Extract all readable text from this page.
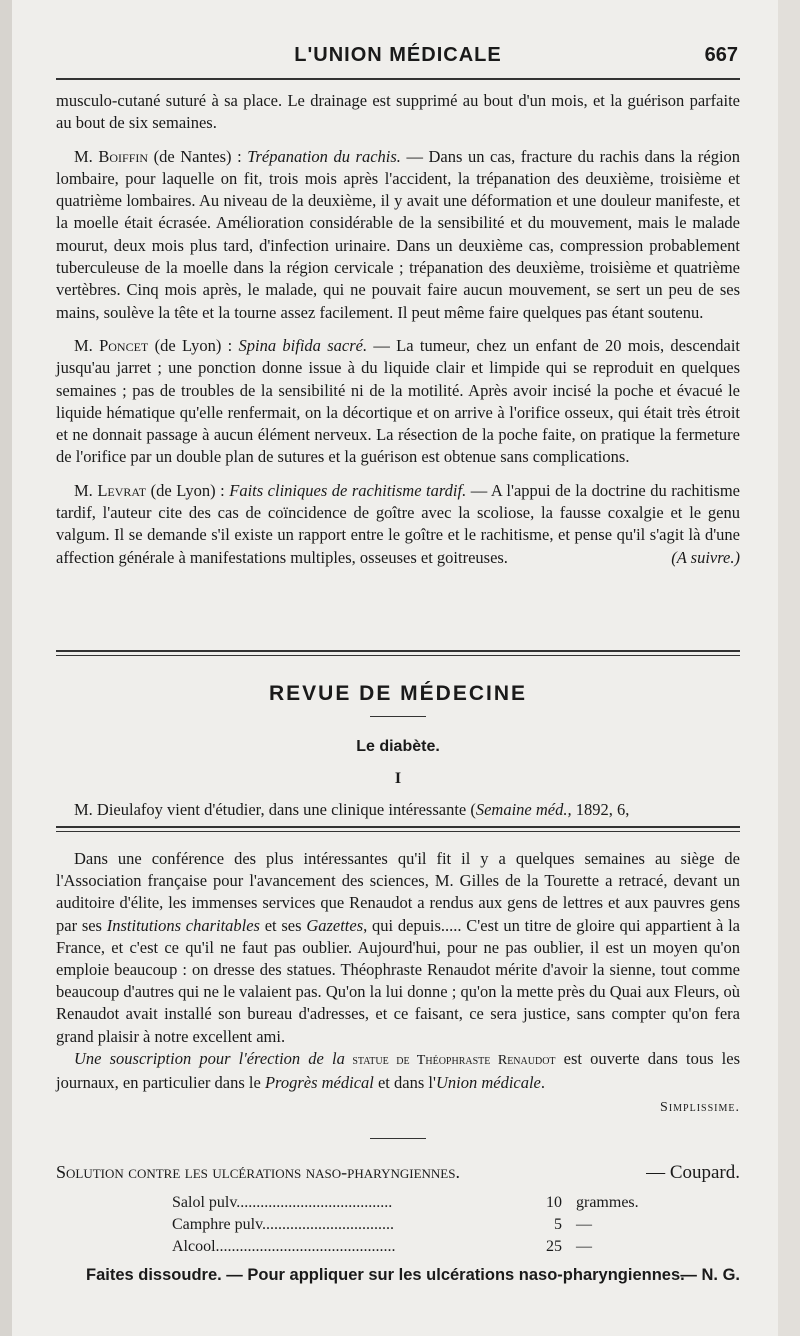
L'UNION MÉDICALE	667

musculo-cutané suturé à sa place. Le drainage est supprimé au bout d'un mois, et la guérison parfaite au bout de six semaines.

M. Boiffin (de Nantes) : Trépanation du rachis. — Dans un cas, fracture du rachis dans la région lombaire, pour laquelle on fit, trois mois après l'accident, la trépanation des deuxième, troisième et quatrième lombaires. Au niveau de la deuxième, il y avait une déformation et une douleur manifeste, et la moelle était écrasée. Amélioration considérable de la sensibilité et du mouvement, mais le malade mourut, deux mois plus tard, d'infection urinaire. Dans un deuxième cas, compression probablement tuberculeuse de la moelle dans la région cervicale ; trépanation des deuxième, troisième et quatrième vertèbres. Cinq mois après, le malade, qui ne pouvait faire aucun mouvement, se sert un peu de ses mains, soulève la tête et la tourne assez facilement. Il peut même faire quelques pas étant soutenu.

M. Poncet (de Lyon) : Spina bifida sacré. — La tumeur, chez un enfant de 20 mois, descendait jusqu'au jarret ; une ponction donne issue à du liquide clair et limpide qui se reproduit en quelques semaines ; pas de troubles de la sensibilité ni de la motilité. Après avoir incisé la poche et évacué le liquide hématique qu'elle renfermait, on la décortique et on arrive à l'orifice osseux, qui était très étroit et ne donnait passage à aucun élément nerveux. La résection de la poche faite, on pratique la fermeture de l'orifice par un double plan de sutures et la guérison est obtenue sans complications.

M. Levrat (de Lyon) : Faits cliniques de rachitisme tardif. — A l'appui de la doctrine du rachitisme tardif, l'auteur cite des cas de coïncidence de goître avec la scoliose, la fausse coxalgie et le genu valgum. Il se demande s'il existe un rapport entre le goître et le rachitisme, et pense qu'il s'agit là d'une affection générale à manifestations multiples, osseuses et goitreuses.	(A suivre.)

REVUE DE MÉDECINE
Le diabète.
I
M. Dieulafoy vient d'étudier, dans une clinique intéressante (Semaine méd., 1892, 6,

Dans une conférence des plus intéressantes qu'il fit il y a quelques semaines au siège de l'Association française pour l'avancement des sciences, M. Gilles de la Tourette a retracé, devant un auditoire d'élite, les immenses services que Renaudot a rendus aux gens de lettres et aux pauvres gens par ses Institutions charitables et ses Gazettes, qui depuis..... C'est un titre de gloire qui appartient à la France, et c'est ce qu'il ne faut pas oublier. Aujourd'hui, pour ne pas oublier, il est un moyen qu'on emploie beaucoup : on dresse des statues. Théophraste Renaudot mérite d'avoir la sienne, tout comme beaucoup d'autres qui ne le valaient pas. Qu'on la lui donne ; qu'on la mette près du Quai aux Fleurs, où Renaudot avait installé son bureau d'adresses, et ce faisant, ce sera justice, sans compter qu'on fera grand plaisir à notre excellent ami.

Une souscription pour l'érection de la statue de Théophraste Renaudot est ouverte dans tous les journaux, en particulier dans le Progrès médical et dans l'Union médicale.

Simplissime.
Solution contre les ulcérations naso-pharyngiennes.	— Coupard.
Salol pulv.......................................	10 grammes.
Camphre pulv.................................	5 —
Alcool.............................................	25 —
Faites dissoudre. — Pour appliquer sur les ulcérations naso-pharyngiennes.
— N. G.
